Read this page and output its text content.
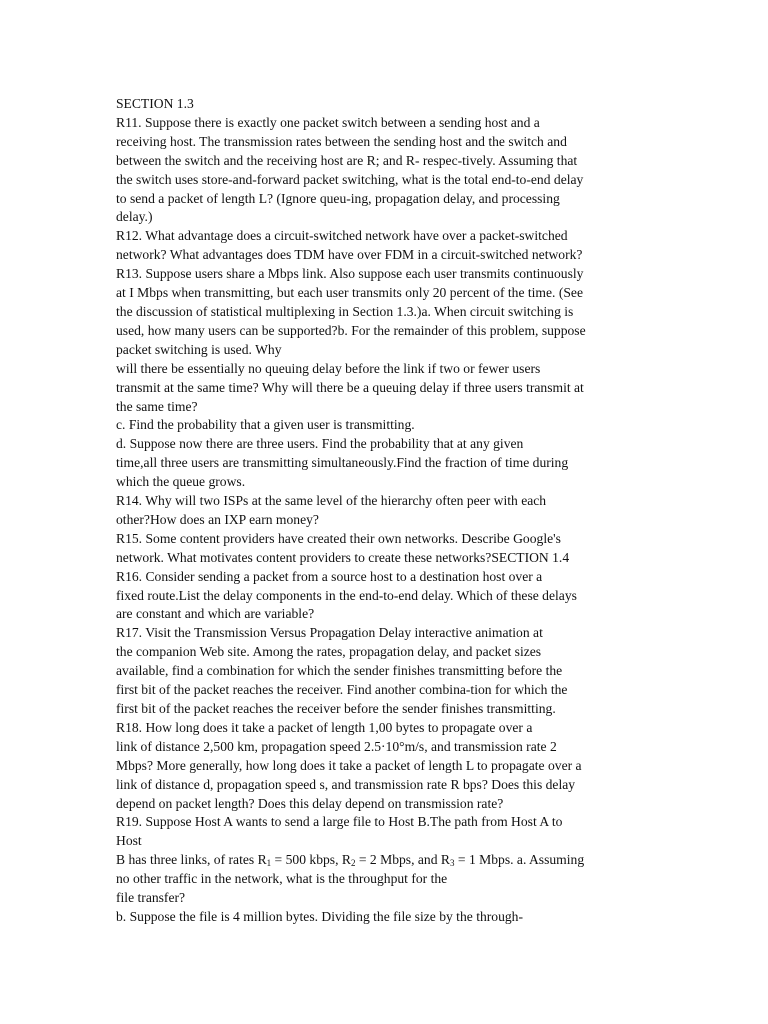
SECTION 1.3
R11. Suppose there is exactly one packet switch between a sending host and a
receiving host. The transmission rates between the sending host and the switch and
between the switch and the receiving host are R; and R- respec-tively. Assuming that
the switch uses store-and-forward packet switching, what is the total end-to-end delay
to send a packet of length L? (Ignore queu-ing, propagation delay, and processing
delay.)
R12. What advantage does a circuit-switched network have over a packet-switched
network? What advantages does TDM have over FDM in a circuit-switched network?
R13. Suppose users share a Mbps link. Also suppose each user transmits continuously
at I Mbps when transmitting, but each user transmits only 20 percent of the time. (See
the discussion of statistical multiplexing in Section 1.3.)a. When circuit switching is
used, how many users can be supported?b. For the remainder of this problem, suppose
packet switching is used. Why
will there be essentially no queuing delay before the link if two or fewer users
transmit at the same time? Why will there be a queuing delay if three users transmit at
the same time?
c. Find the probability that a given user is transmitting.
d. Suppose now there are three users. Find the probability that at any given
time,all three users are transmitting simultaneously.Find the fraction of time during
which the queue grows.
R14. Why will two ISPs at the same level of the hierarchy often peer with each
other?How does an IXP earn money?
R15. Some content providers have created their own networks. Describe Google's
network. What motivates content providers to create these networks?SECTION 1.4
R16. Consider sending a packet from a source host to a destination host over a
fixed route.List the delay components in the end-to-end delay. Which of these delays
are constant and which are variable?
R17. Visit the Transmission Versus Propagation Delay interactive animation at
the companion Web site. Among the rates, propagation delay, and packet sizes
available, find a combination for which the sender finishes transmitting before the
first bit of the packet reaches the receiver. Find another combina-tion for which the
first bit of the packet reaches the receiver before the sender finishes transmitting.
R18. How long does it take a packet of length 1,00 bytes to propagate over a
link of distance 2,500 km, propagation speed 2.5·10°m/s, and transmission rate 2
Mbps? More generally, how long does it take a packet of length L to propagate over a
link of distance d, propagation speed s, and transmission rate R bps? Does this delay
depend on packet length? Does this delay depend on transmission rate?
R19. Suppose Host A wants to send a large file to Host B.The path from Host A to
Host
B has three links, of rates $R_1 = 500$ kbps, $R_2 = 2$ Mbps, and $R_3 = 1$ Mbps. a. Assuming
no other traffic in the network, what is the throughput for the
file transfer?
b. Suppose the file is 4 million bytes. Dividing the file size by the through-
